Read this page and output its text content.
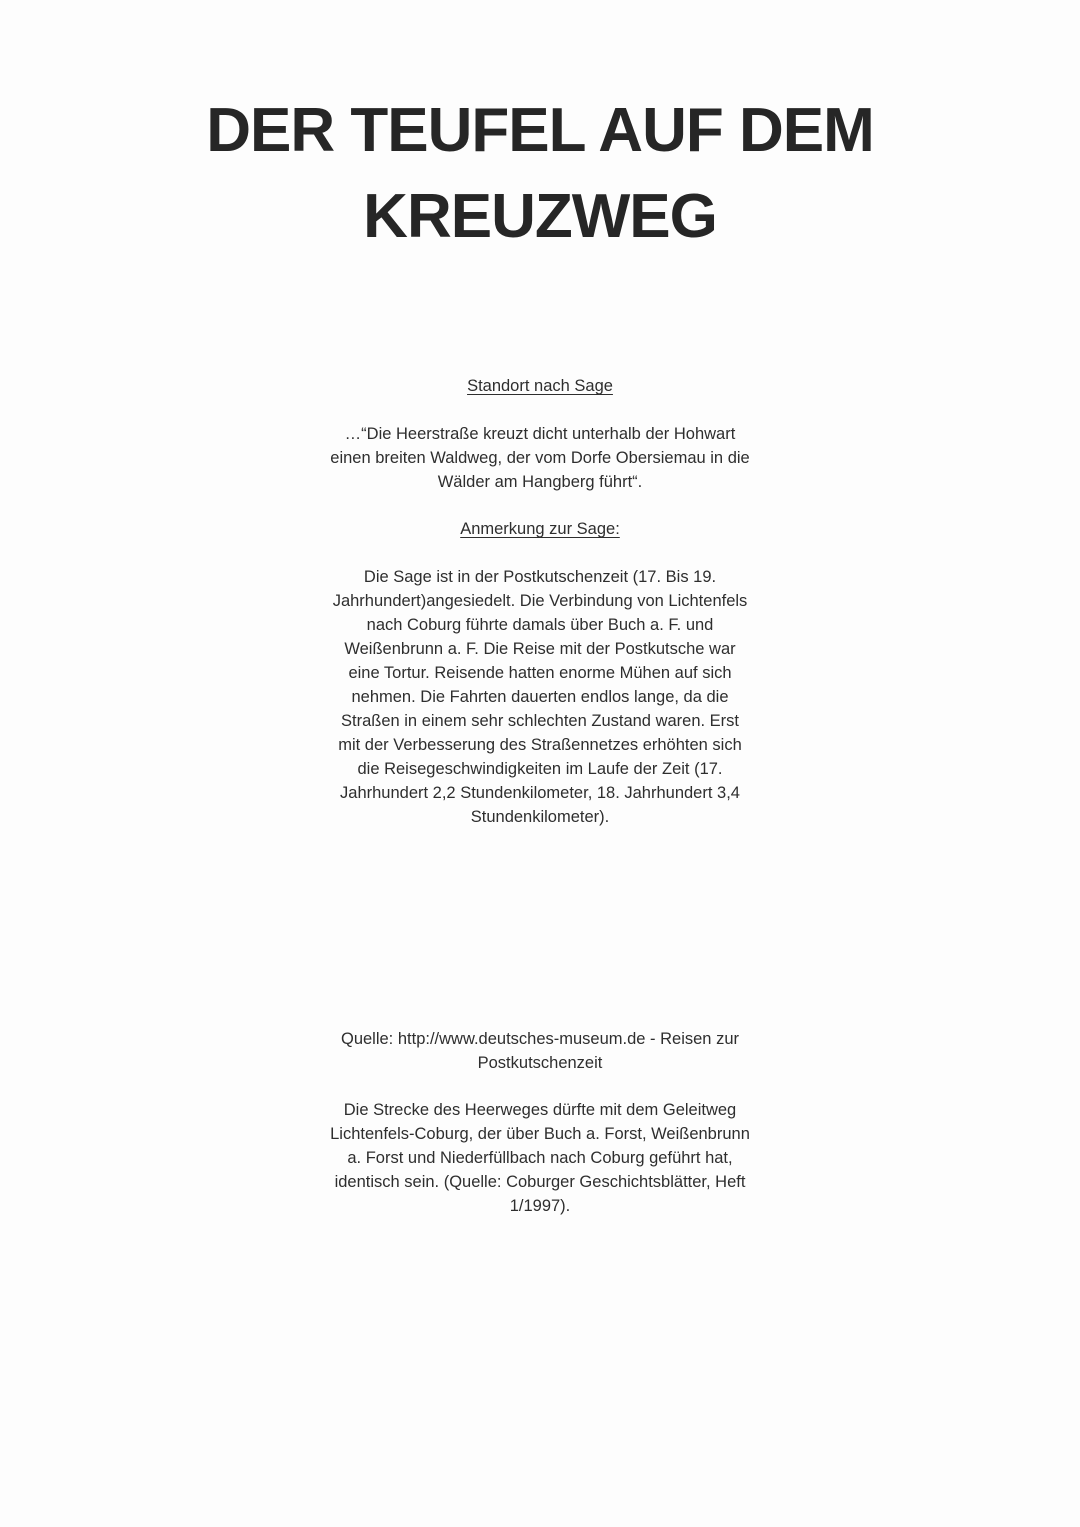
DER TEUFEL AUF DEM KREUZWEG

Standort nach Sage

…“Die Heerstraße kreuzt dicht unterhalb der Hohwart einen breiten Waldweg, der vom Dorfe Obersiemau in die Wälder am Hangberg führt“.

Anmerkung zur Sage:

Die Sage ist in der Postkutschenzeit (17. Bis 19. Jahrhundert)angesiedelt. Die Verbindung von Lichtenfels nach Coburg führte damals über Buch a. F. und Weißenbrunn a. F. Die Reise mit der Postkutsche war eine Tortur. Reisende hatten enorme Mühen auf sich nehmen. Die Fahrten dauerten endlos lange, da die Straßen in einem sehr schlechten Zustand waren. Erst mit der Verbesserung des Straßennetzes erhöhten sich die Reisegeschwindigkeiten im Laufe der Zeit (17. Jahrhundert 2,2 Stundenkilometer, 18. Jahrhundert 3,4 Stundenkilometer).

Quelle: http://www.deutsches-museum.de - Reisen zur Postkutschenzeit

Die Strecke des Heerweges dürfte mit dem Geleitweg Lichtenfels-Coburg, der über Buch a. Forst, Weißenbrunn a. Forst und Niederfüllbach nach Coburg geführt hat, identisch sein. (Quelle: Coburger Geschichtsblätter, Heft 1/1997).
